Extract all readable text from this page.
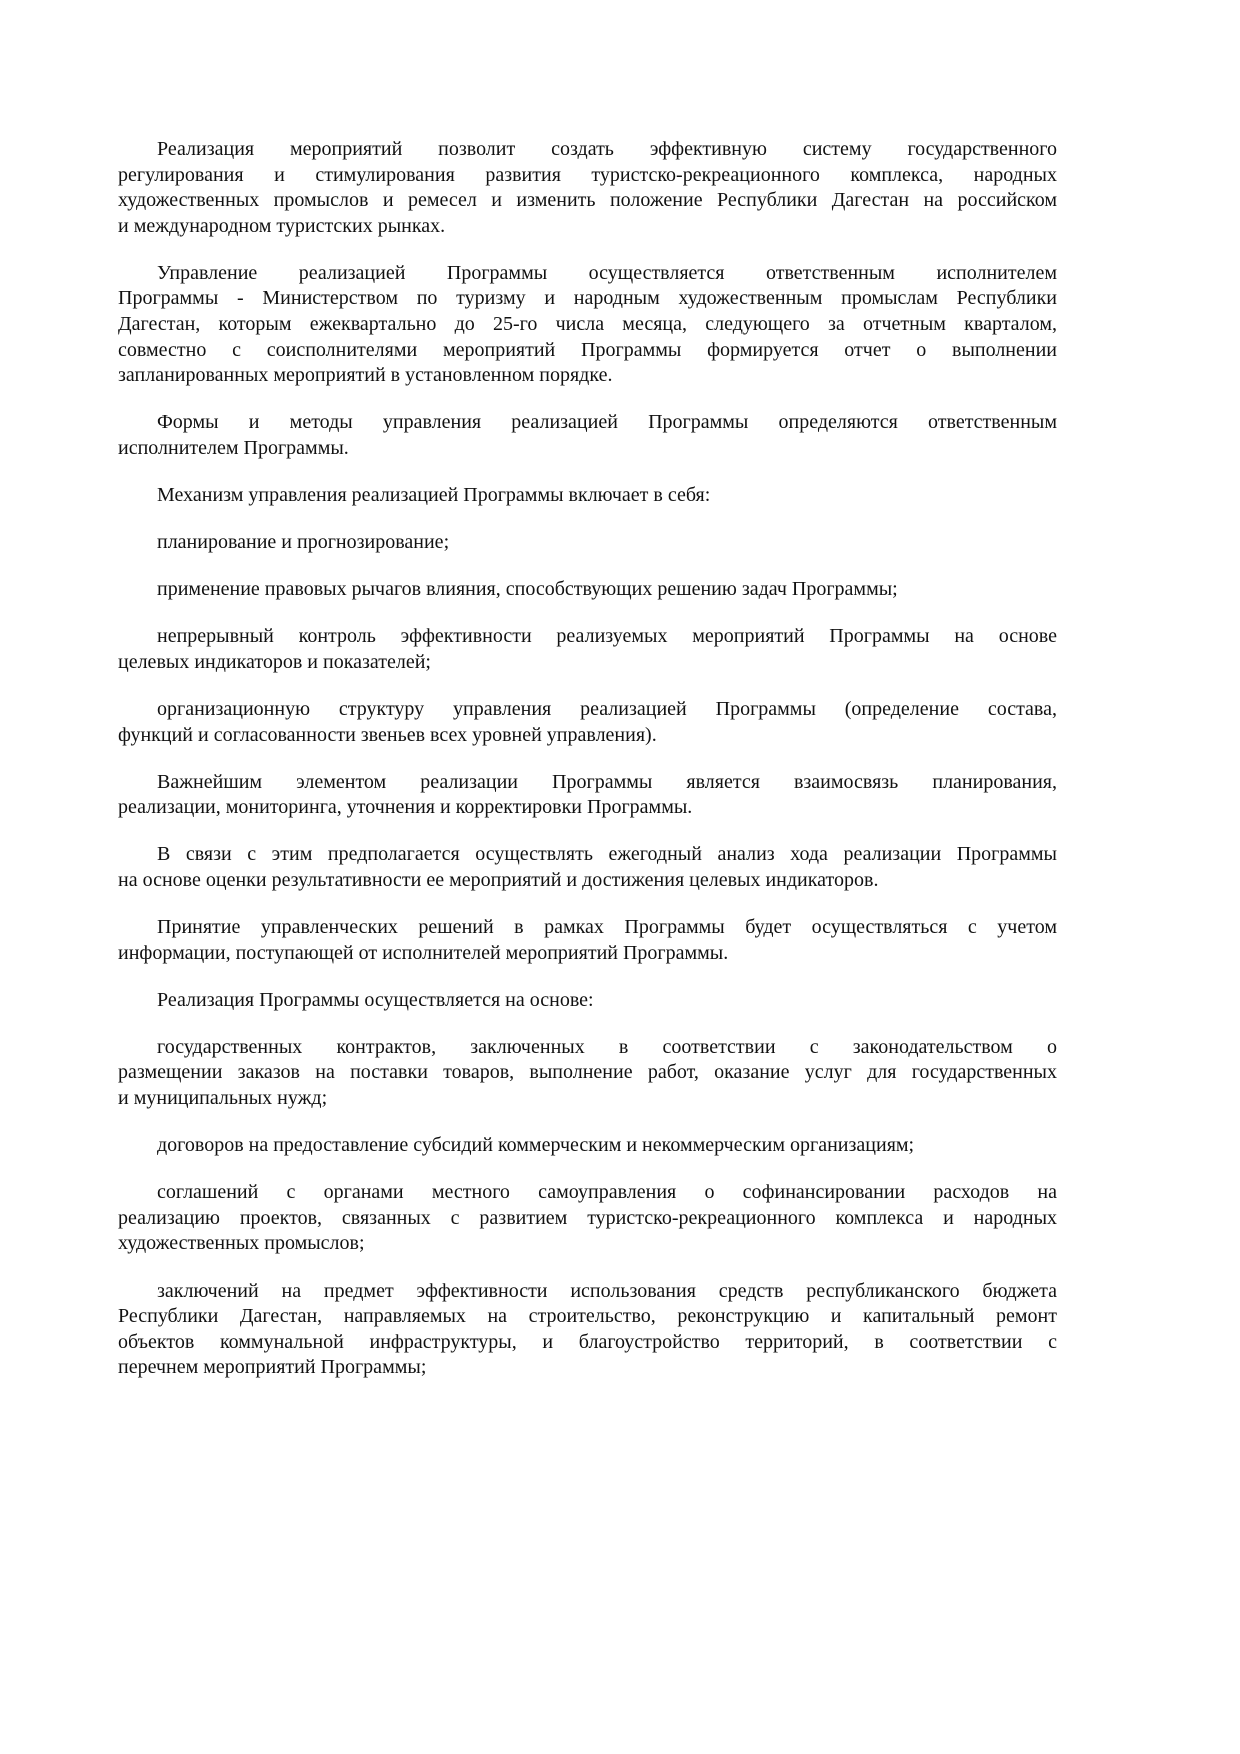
Реализация мероприятий позволит создать эффективную систему государственного
регулирования и стимулирования развития туристско-рекреационного комплекса, народных
художественных промыслов и ремесел и изменить положение Республики Дагестан на российском
и международном туристских рынках.
Управление реализацией Программы осуществляется ответственным исполнителем
Программы - Министерством по туризму и народным художественным промыслам Республики
Дагестан, которым ежеквартально до 25-го числа месяца, следующего за отчетным кварталом,
совместно с соисполнителями мероприятий Программы формируется отчет о выполнении
запланированных мероприятий в установленном порядке.
Формы и методы управления реализацией Программы определяются ответственным
исполнителем Программы.
Механизм управления реализацией Программы включает в себя:
планирование и прогнозирование;
применение правовых рычагов влияния, способствующих решению задач Программы;
непрерывный контроль эффективности реализуемых мероприятий Программы на основе
целевых индикаторов и показателей;
организационную структуру управления реализацией Программы (определение состава,
функций и согласованности звеньев всех уровней управления).
Важнейшим элементом реализации Программы является взаимосвязь планирования,
реализации, мониторинга, уточнения и корректировки Программы.
В связи с этим предполагается осуществлять ежегодный анализ хода реализации Программы
на основе оценки результативности ее мероприятий и достижения целевых индикаторов.
Принятие управленческих решений в рамках Программы будет осуществляться с учетом
информации, поступающей от исполнителей мероприятий Программы.
Реализация Программы осуществляется на основе:
государственных контрактов, заключенных в соответствии с законодательством о
размещении заказов на поставки товаров, выполнение работ, оказание услуг для государственных
и муниципальных нужд;
договоров на предоставление субсидий коммерческим и некоммерческим организациям;
соглашений с органами местного самоуправления о софинансировании расходов на
реализацию проектов, связанных с развитием туристско-рекреационного комплекса и народных
художественных промыслов;
заключений на предмет эффективности использования средств республиканского бюджета
Республики Дагестан, направляемых на строительство, реконструкцию и капитальный ремонт
объектов коммунальной инфраструктуры, и благоустройство территорий, в соответствии с
перечнем мероприятий Программы;
